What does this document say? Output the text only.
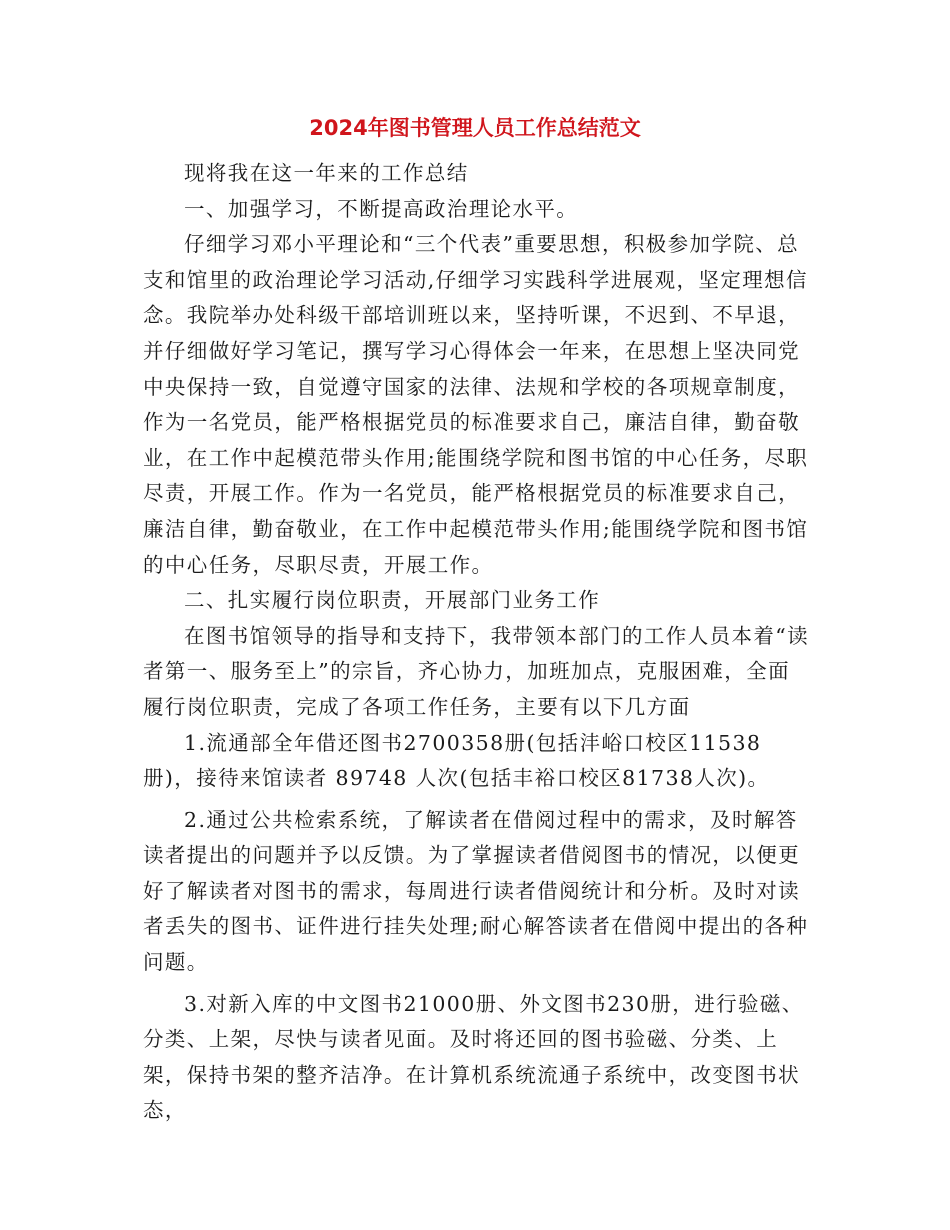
2024年图书管理人员工作总结范文

现将我在这一年来的工作总结

一、加强学习，不断提高政治理论水平。

仔细学习邓小平理论和“三个代表”重要思想，积极参加学院、总支和馆里的政治理论学习活动,仔细学习实践科学进展观，坚定理想信念。我院举办处科级干部培训班以来，坚持听课，不迟到、不早退，并仔细做好学习笔记，撰写学习心得体会一年来，在思想上坚决同党中央保持一致，自觉遵守国家的法律、法规和学校的各项规章制度，作为一名党员，能严格根据党员的标准要求自己，廉洁自律，勤奋敬业，在工作中起模范带头作用;能围绕学院和图书馆的中心任务，尽职尽责，开展工作。作为一名党员，能严格根据党员的标准要求自己，廉洁自律，勤奋敬业，在工作中起模范带头作用;能围绕学院和图书馆的中心任务，尽职尽责，开展工作。

二、扎实履行岗位职责，开展部门业务工作

在图书馆领导的指导和支持下，我带领本部门的工作人员本着“读者第一、服务至上”的宗旨，齐心协力，加班加点，克服困难，全面履行岗位职责，完成了各项工作任务，主要有以下几方面

1.流通部全年借还图书2700358册(包括沣峪口校区11538册)，接待来馆读者 89748 人次(包括丰裕口校区81738人次)。

2.通过公共检索系统，了解读者在借阅过程中的需求，及时解答读者提出的问题并予以反馈。为了掌握读者借阅图书的情况，以便更好了解读者对图书的需求，每周进行读者借阅统计和分析。及时对读者丢失的图书、证件进行挂失处理;耐心解答读者在借阅中提出的各种问题。

3.对新入库的中文图书21000册、外文图书230册，进行验磁、分类、上架，尽快与读者见面。及时将还回的图书验磁、分类、上架，保持书架的整齐洁净。在计算机系统流通子系统中，改变图书状态，
